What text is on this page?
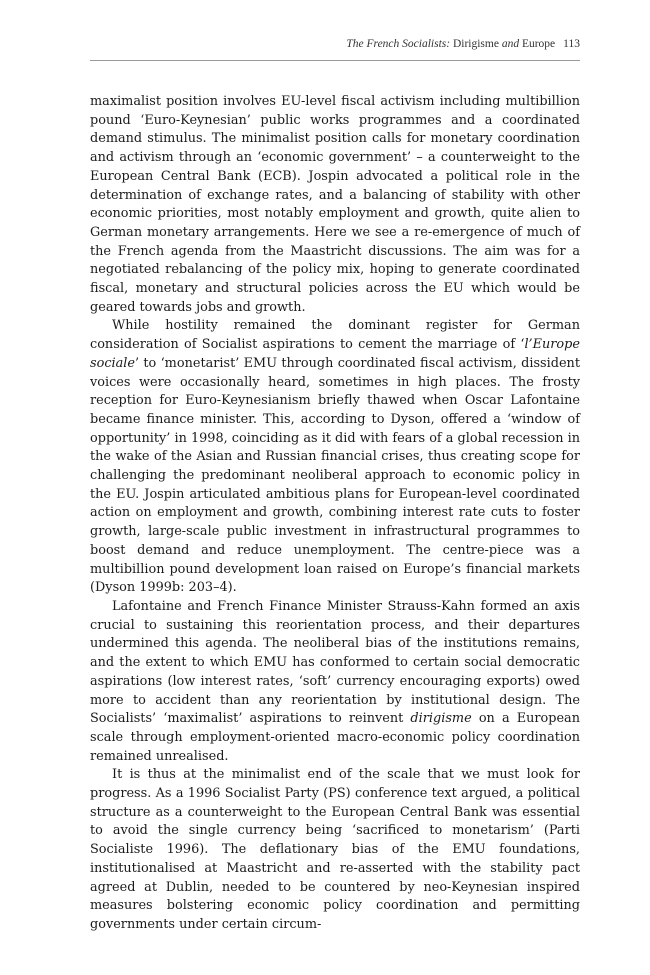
The French Socialists: Dirigisme and Europe 113

maximalist position involves EU-level fiscal activism including multibillion pound ‘Euro-Keynesian’ public works programmes and a coordinated demand stimulus. The minimalist position calls for monetary coordination and activism through an ‘economic government’ – a counterweight to the European Central Bank (ECB). Jospin advocated a political role in the determination of exchange rates, and a balancing of stability with other economic priorities, most notably employment and growth, quite alien to German monetary arrangements. Here we see a re-emergence of much of the French agenda from the Maastricht discussions. The aim was for a negotiated rebalancing of the policy mix, hoping to generate coordinated fiscal, monetary and structural policies across the EU which would be geared towards jobs and growth.

While hostility remained the dominant register for German consideration of Socialist aspirations to cement the marriage of ‘l’Europe sociale’ to ‘monetarist’ EMU through coordinated fiscal activism, dissident voices were occasionally heard, sometimes in high places. The frosty reception for Euro-Keynesianism briefly thawed when Oscar Lafontaine became finance minister. This, according to Dyson, offered a ‘window of opportunity’ in 1998, coinciding as it did with fears of a global recession in the wake of the Asian and Russian financial crises, thus creating scope for challenging the predominant neoliberal approach to economic policy in the EU. Jospin articulated ambitious plans for European-level coordinated action on employment and growth, combining interest rate cuts to foster growth, large-scale public investment in infrastructural programmes to boost demand and reduce unemployment. The centre-piece was a multibillion pound development loan raised on Europe’s financial markets (Dyson 1999b: 203–4).

Lafontaine and French Finance Minister Strauss-Kahn formed an axis crucial to sustaining this reorientation process, and their departures undermined this agenda. The neoliberal bias of the institutions remains, and the extent to which EMU has conformed to certain social democratic aspirations (low interest rates, ‘soft’ currency encouraging exports) owed more to accident than any reorientation by institutional design. The Socialists’ ‘maximalist’ aspirations to reinvent dirigisme on a European scale through employment-oriented macro-economic policy coordination remained unrealised.

It is thus at the minimalist end of the scale that we must look for progress. As a 1996 Socialist Party (PS) conference text argued, a political structure as a counterweight to the European Central Bank was essential to avoid the single currency being ‘sacrificed to monetarism’ (Parti Socialiste 1996). The deflationary bias of the EMU foundations, institutionalised at Maastricht and re-asserted with the stability pact agreed at Dublin, needed to be countered by neo-Keynesian inspired measures bolstering economic policy coordination and permitting governments under certain circum-
